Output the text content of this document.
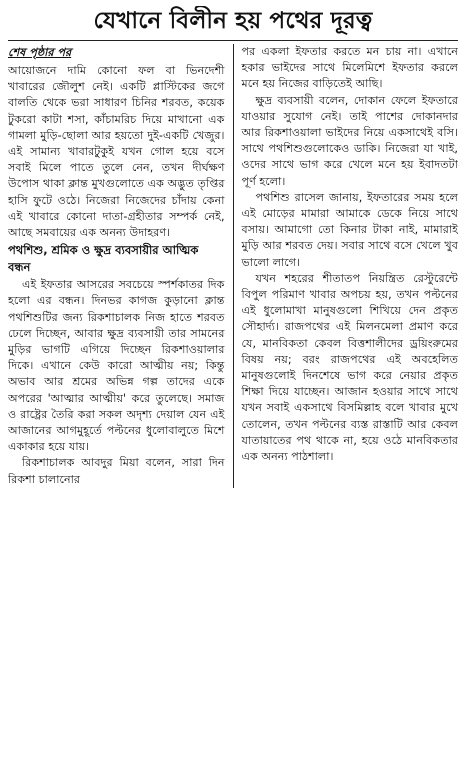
যেখানে বিলীন হয় পথের দূরত্ব
শেষ পৃষ্ঠার পর

আয়োজনে দামি কোনো ফল বা ভিনদেশী খাবারের জৌলুশ নেই। একটি প্লাস্টিকের জগে বালতি থেকে ভরা সাধারণ চিনির শরবত, কয়েক টুকরো কাটা শসা, কাঁচামরিচ দিয়ে মাখানো এক গামলা মুড়ি-ছোলা আর হয়তো দুই-একটি খেজুর। এই সামান্য খাবারটুকুই যখন গোল হয়ে বসে সবাই মিলে পাতে তুলে নেন, তখন দীর্ঘক্ষণ উপোস থাকা ক্লান্ত মুখগুলোতে এক অদ্ভুত তৃপ্তির হাসি ফুটে ওঠে। নিজেরা নিজেদের চাঁদায় কেনা এই খাবারে কোনো দাতা-গ্রহীতার সম্পর্ক নেই, আছে সমবায়ের এক অনন্য উদাহরণ।

পথশিশু, শ্রমিক ও ক্ষুদ্র ব্যবসায়ীর আত্মিক বন্ধন

এই ইফতার আসরের সবচেয়ে স্পর্শকাতর দিক হলো এর বন্ধন। দিনভর কাগজ কুড়ানো ক্লান্ত পথশিশুটির জন্য রিকশাচালক নিজ হাতে শরবত ঢেলে দিচ্ছেন, আবার ক্ষুদ্র ব্যবসায়ী তার সামনের মুড়ির ভাগটি এগিয়ে দিচ্ছেন রিকশাওয়ালার দিকে। এখানে কেউ কারো আত্মীয় নয়; কিন্তু অভাব আর শ্রমের অভিন্ন গল্প তাদের একে অপরের 'আত্মার আত্মীয়' করে তুলেছে। সমাজ ও রাষ্ট্রের তৈরি করা সকল অদৃশ্য দেয়াল যেন এই আজানের আগমুহূর্তে পল্টনের ধুলোবালুতে মিশে একাকার হয়ে যায়।

রিকশাচালক আবদুর মিয়া বলেন, সারা দিন রিকশা চালানোর

পর একলা ইফতার করতে মন চায় না। এখানে হকার ভাইদের সাথে মিলেমিশে ইফতার করলে মনে হয় নিজের বাড়িতেই আছি।

ক্ষুদ্র ব্যবসায়ী বলেন, দোকান ফেলে ইফতারে যাওয়ার সুযোগ নেই। তাই পাশের দোকানদার আর রিকশাওয়ালা ভাইদের নিয়ে একসাথেই বসি। সাথে পথশিশুগুলোকেও ডাকি। নিজেরা যা খাই, ওদের সাথে ভাগ করে খেলে মনে হয় ইবাদতটা পূর্ণ হলো।

পথশিশু রাসেল জানায়, ইফতারের সময় হলে এই মোড়ের মামারা আমাকে ডেকে নিয়ে সাথে বসায়। আমাগো তো কিনার টাকা নাই, মামারাই মুড়ি আর শরবত দেয়। সবার সাথে বসে খেলে খুব ভালো লাগে।

যখন শহরের শীতাতপ নিয়ন্ত্রিত রেস্টুরেন্টে বিপুল পরিমাণ খাবার অপচয় হয়, তখন পল্টনের এই ধুলোমাখা মানুষগুলো শিখিয়ে দেন প্রকৃত সৌহার্দ্য। রাজপথের এই মিলনমেলা প্রমাণ করে যে, মানবিকতা কেবল বিত্তশালীদের ড্রয়িংরুমের বিষয় নয়; বরং রাজপথের এই অবহেলিত মানুষগুলোই দিনশেষে ভাগ করে নেয়ার প্রকৃত শিক্ষা দিয়ে যাচ্ছেন। আজান হওয়ার সাথে সাথে যখন সবাই একসাথে বিসমিল্লাহ বলে খাবার মুখে তোলেন, তখন পল্টনের ব্যস্ত রাস্তাটি আর কেবল যাতায়াতের পথ থাকে না, হয়ে ওঠে মানবিকতার এক অনন্য পাঠশালা।
